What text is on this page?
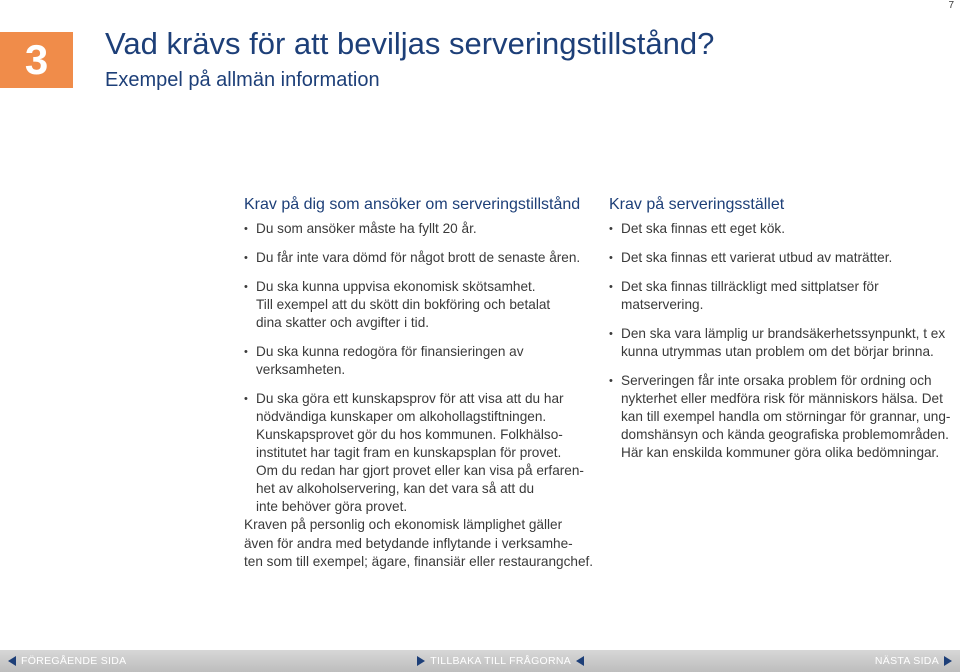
7
3	Vad krävs för att beviljas serveringstillstånd?
Exempel på allmän information
Krav på dig som ansöker om serveringstillstånd
• Du som ansöker måste ha fyllt 20 år.
• Du får inte vara dömd för något brott de senaste åren.
• Du ska kunna uppvisa ekonomisk skötsamhet.
Till exempel att du skött din bokföring och betalat
dina skatter och avgifter i tid.
• Du ska kunna redogöra för finansieringen av
verksamheten.
• Du ska göra ett kunskapsprov för att visa att du har
nödvändiga kunskaper om alkohollagstiftningen.
Kunskapsprovet gör du hos kommunen. Folkhälso-
institutet har tagit fram en kunskapsplan för provet.
Om du redan har gjort provet eller kan visa på erfaren-
het av alkoholservering, kan det vara så att du
inte behöver göra provet.
Kraven på personlig och ekonomisk lämplighet gäller
även för andra med betydande inflytande i verksamhe-
ten som till exempel; ägare, finansiär eller restaurangchef.
Krav på serveringsstället
• Det ska finnas ett eget kök.
• Det ska finnas ett varierat utbud av maträtter.
• Det ska finnas tillräckligt med sittplatser för
matservering.
• Den ska vara lämplig ur brandsäkerhetssynpunkt, t ex
kunna utrymmas utan problem om det börjar brinna.
• Serveringen får inte orsaka problem för ordning och
nykterhet eller medföra risk för människors hälsa. Det
kan till exempel handla om störningar för grannar, ung-
domshänsyn och kända geografiska problemområden.
Här kan enskilda kommuner göra olika bedömningar.
FÖREGÅENDE SIDA	TILLBAKA TILL FRÅGORNA	NÄSTA SIDA
